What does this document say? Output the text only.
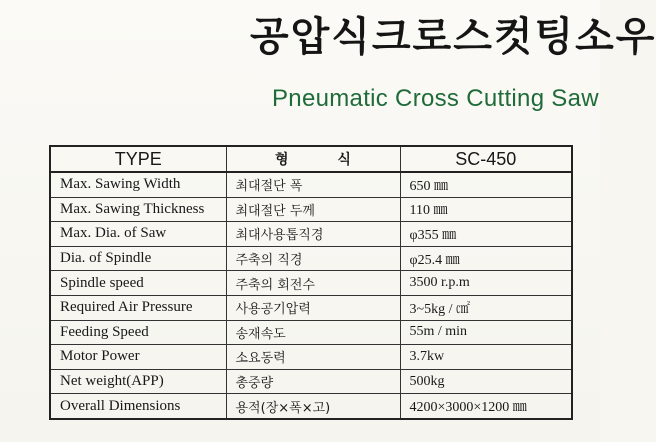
공압식크로스컷팅소우
Pneumatic Cross Cutting Saw
TYPE	형 식	SC-450
Max. Sawing Width	최대절단 폭	650 ㎜
Max. Sawing Thickness	최대절단 두께	110 ㎜
Max. Dia. of Saw	최대사용톱직경	φ355 ㎜
Dia. of Spindle	주축의 직경	φ25.4 ㎜
Spindle speed	주축의 회전수	3500 r.p.m
Required Air Pressure	사용공기압력	3~5kg / ㎠
Feeding Speed	송재속도	55m / min
Motor Power	소요동력	3.7kw
Net weight(APP)	총중량	500kg
Overall Dimensions	용적(장×폭×고)	4200×3000×1200 ㎜
